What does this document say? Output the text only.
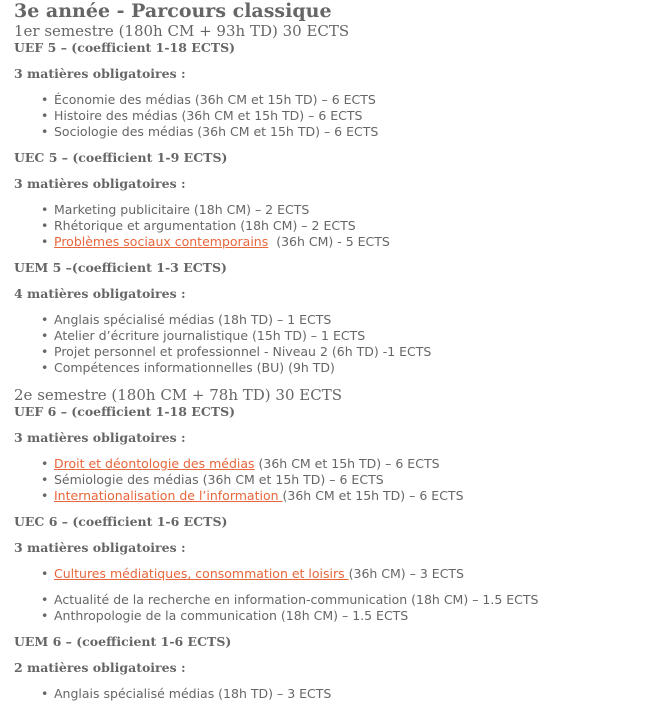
3e année - Parcours classique
1er semestre (180h CM + 93h TD) 30 ECTS
UEF 5 – (coefficient 1-18 ECTS)
3 matières obligatoires :
• Économie des médias (36h CM et 15h TD) – 6 ECTS
• Histoire des médias (36h CM et 15h TD) – 6 ECTS
• Sociologie des médias (36h CM et 15h TD) – 6 ECTS
UEC 5 – (coefficient 1-9 ECTS)
3 matières obligatoires :
• Marketing publicitaire (18h CM) – 2 ECTS
• Rhétorique et argumentation (18h CM) – 2 ECTS
• Problèmes sociaux contemporains  (36h CM) - 5 ECTS
UEM 5 –(coefficient 1-3 ECTS)
4 matières obligatoires :
• Anglais spécialisé médias (18h TD) – 1 ECTS
• Atelier d’écriture journalistique (15h TD) – 1 ECTS
• Projet personnel et professionnel - Niveau 2 (6h TD) -1 ECTS
• Compétences informationnelles (BU) (9h TD)
2e semestre (180h CM + 78h TD) 30 ECTS
UEF 6 – (coefficient 1-18 ECTS)
3 matières obligatoires :
• Droit et déontologie des médias (36h CM et 15h TD) – 6 ECTS
• Sémiologie des médias (36h CM et 15h TD) – 6 ECTS
• Internationalisation de l’information (36h CM et 15h TD) – 6 ECTS
UEC 6 – (coefficient 1-6 ECTS)
3 matières obligatoires :
• Cultures médiatiques, consommation et loisirs (36h CM) – 3 ECTS
• Actualité de la recherche en information-communication (18h CM) – 1.5 ECTS
• Anthropologie de la communication (18h CM) – 1.5 ECTS
UEM 6 – (coefficient 1-6 ECTS)
2 matières obligatoires :
• Anglais spécialisé médias (18h TD) – 3 ECTS
